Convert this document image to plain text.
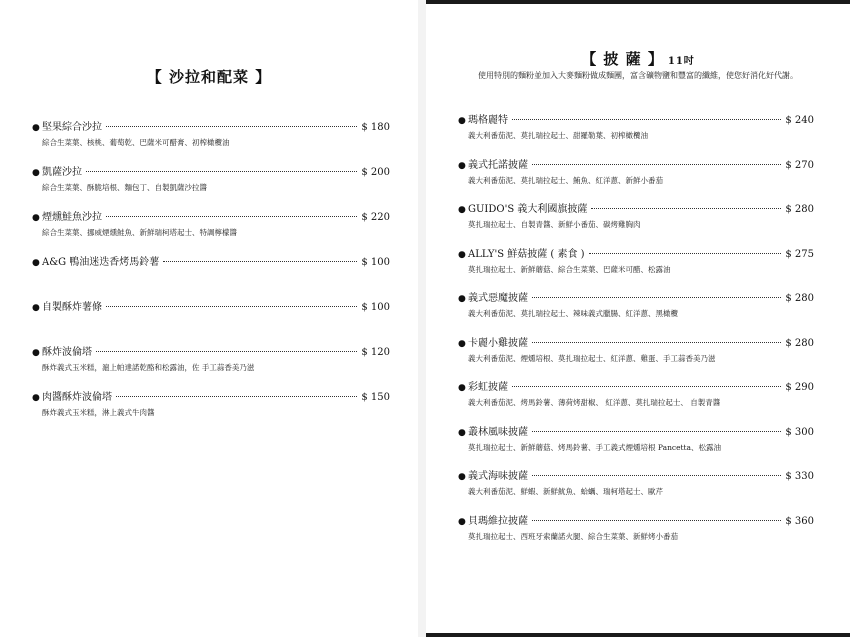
【 沙拉和配菜 】
【 披 薩 】 11吋
使用特別的麵粉並加入大麥麵粉做成麵團，富含礦物鹽和豐富的纖維，使您好消化好代謝。
● 堅果綜合沙拉	$ 180
綜合生菜葉、核桃、葡萄乾、巴薩米可醋膏、初榨橄欖油
● 凱薩沙拉	$ 200
綜合生菜葉、酥脆培根、麵包丁、自製凱薩沙拉醬
● 煙燻鮭魚沙拉	$ 220
綜合生菜葉、挪威煙燻鮭魚、新鮮瑞柯塔起士、特調檸檬醬
● A&G 鴨油迷迭香烤馬鈴薯	$ 100
● 自製酥炸薯條	$ 100
● 酥炸波倫塔	$ 120
酥炸義式玉米糕，滬上帕達諾乾酪和松露油，佐 手工蒜香美乃滋
● 肉醬酥炸波倫塔	$ 150
酥炸義式玉米糕，淋上義式牛肉醬
● 瑪格麗特	$ 240
義大利番茄泥、莫扎瑞拉起士、甜羅勒葉、初榨橄欖油
● 義式托諾披薩	$ 270
義大利番茄泥、莫扎瑞拉起士、鮪魚、紅洋蔥、新鮮小番茄
● GUIDO'S 義大利國旗披薩	$ 280
莫扎瑞拉起士、自製青醬、新鮮小番茄、碳烤雞胸肉
● ALLY'S 鮮菇披薩 ( 素食 )	$ 275
莫扎瑞拉起士、新鮮蘑菇、綜合生菜葉、巴薩米可醋、松露油
● 義式惡魔披薩	$ 280
義大利番茄泥、莫扎瑞拉起士、辣味義式臘腸、紅洋蔥、黑橄欖
● 卡麗小雞披薩	$ 280
義大利番茄泥、煙燻培根、莫扎瑞拉起士、紅洋蔥、雞蛋、手工蒜香美乃滋
● 彩虹披薩	$ 290
義大利番茄泥、烤馬鈴薯、薄荷烤甜椒、 紅洋蔥、莫扎瑞拉起士、 自製青醬
● 叢林風味披薩	$ 300
莫扎瑞拉起士、新鮮蘑菇、烤馬鈴薯、手工義式煙燻培根 Pancetta、松露油
● 義式海味披薩	$ 330
義大利番茄泥、鮮蝦、新鮮魷魚、蛤蠣、瑞柯塔起士、歐芹
● 貝瑪維拉披薩	$ 360
莫扎瑞拉起士、西班牙索蘭諾火腿、綜合生菜葉、新鮮烤小番茄
